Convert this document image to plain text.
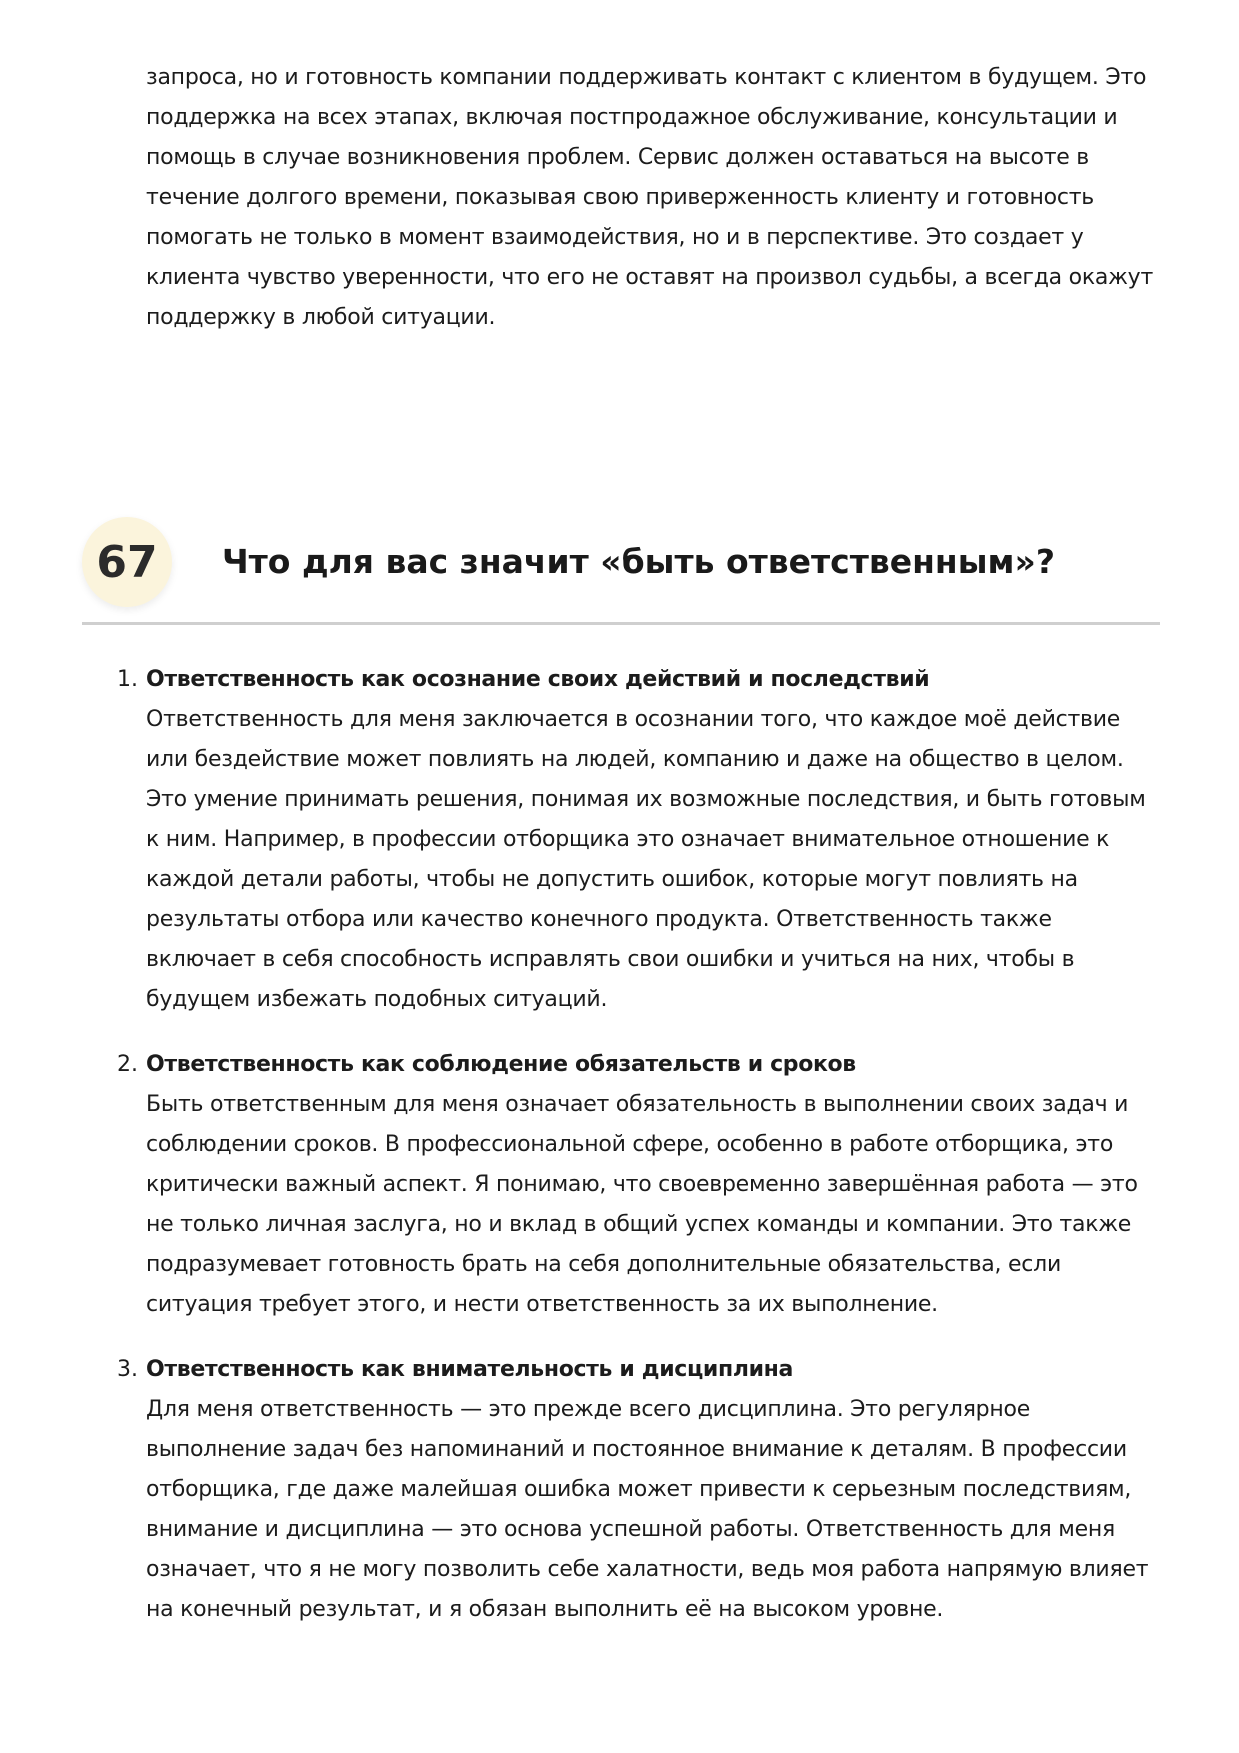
запроса, но и готовность компании поддерживать контакт с клиентом в будущем. Это поддержка на всех этапах, включая постпродажное обслуживание, консультации и помощь в случае возникновения проблем. Сервис должен оставаться на высоте в течение долгого времени, показывая свою приверженность клиенту и готовность помогать не только в момент взаимодействия, но и в перспективе. Это создает у клиента чувство уверенности, что его не оставят на произвол судьбы, а всегда окажут поддержку в любой ситуации.

67	Что для вас значит «быть ответственным»?
1. Ответственность как осознание своих действий и последствий

Ответственность для меня заключается в осознании того, что каждое моё действие или бездействие может повлиять на людей, компанию и даже на общество в целом. Это умение принимать решения, понимая их возможные последствия, и быть готовым к ним. Например, в профессии отборщика это означает внимательное отношение к каждой детали работы, чтобы не допустить ошибок, которые могут повлиять на результаты отбора или качество конечного продукта. Ответственность также включает в себя способность исправлять свои ошибки и учиться на них, чтобы в будущем избежать подобных ситуаций.

2. Ответственность как соблюдение обязательств и сроков

Быть ответственным для меня означает обязательность в выполнении своих задач и соблюдении сроков. В профессиональной сфере, особенно в работе отборщика, это критически важный аспект. Я понимаю, что своевременно завершённая работа — это не только личная заслуга, но и вклад в общий успех команды и компании. Это также подразумевает готовность брать на себя дополнительные обязательства, если ситуация требует этого, и нести ответственность за их выполнение.

3. Ответственность как внимательность и дисциплина

Для меня ответственность — это прежде всего дисциплина. Это регулярное выполнение задач без напоминаний и постоянное внимание к деталям. В профессии отборщика, где даже малейшая ошибка может привести к серьезным последствиям, внимание и дисциплина — это основа успешной работы. Ответственность для меня означает, что я не могу позволить себе халатности, ведь моя работа напрямую влияет на конечный результат, и я обязан выполнить её на высоком уровне.
